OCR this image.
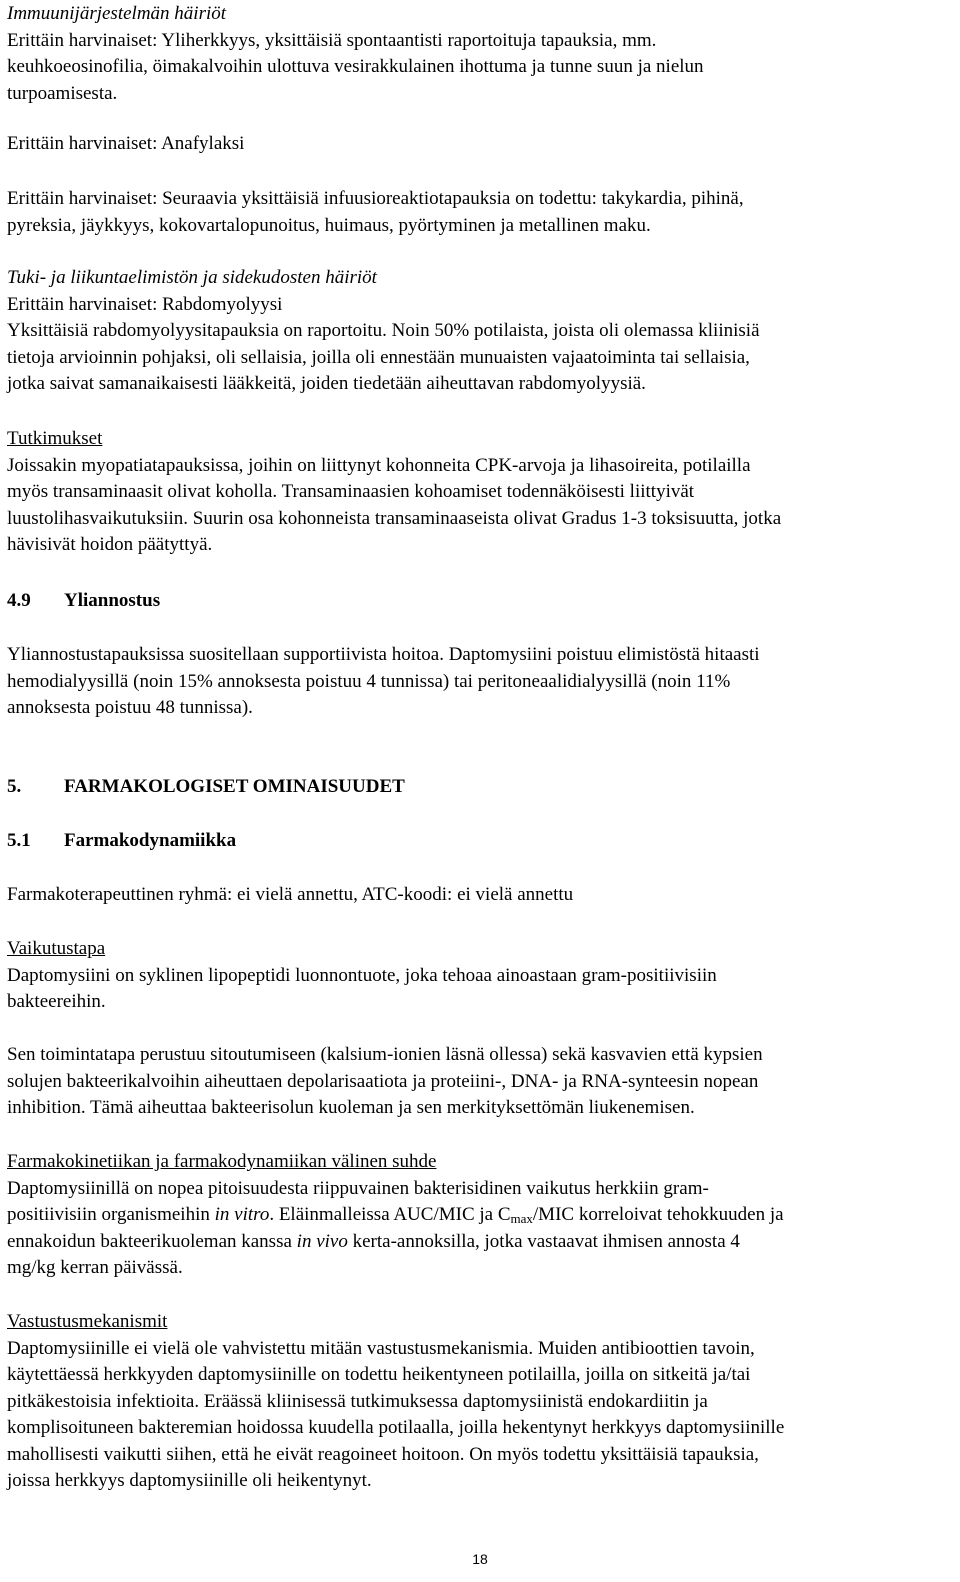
Immuunijärjestelmän häiriöt

Erittäin harvinaiset: Yliherkkyys, yksittäisiä spontaantisti raportoituja tapauksia, mm.

keuhkoeosinofilia, öimakalvoihin ulottuva vesirakkulainen ihottuma ja tunne suun ja nielun

turpoamisesta.

Erittäin harvinaiset: Anafylaksi

Erittäin harvinaiset: Seuraavia yksittäisiä infuusioreaktiotapauksia on todettu: takykardia, pihinä,

pyreksia, jäykkyys, kokovartalopunoitus, huimaus, pyörtyminen ja metallinen maku.

Tuki- ja liikuntaelimistön ja sidekudosten häiriöt

Erittäin harvinaiset: Rabdomyolyysi

Yksittäisiä rabdomyolyysitapauksia on raportoitu. Noin 50% potilaista, joista oli olemassa kliinisiä

tietoja arvioinnin pohjaksi, oli sellaisia, joilla oli ennestään munuaisten vajaatoiminta tai sellaisia,

jotka saivat samanaikaisesti lääkkeitä, joiden tiedetään aiheuttavan rabdomyolyysiä.

Tutkimukset

Joissakin myopatiatapauksissa, joihin on liittynyt kohonneita CPK-arvoja ja lihasoireita, potilailla

myös transaminaasit olivat koholla. Transaminaasien kohoamiset todennäköisesti liittyivät

luustolihasvaikutuksiin. Suurin osa kohonneista transaminaaseista olivat Gradus 1-3 toksisuutta, jotka

hävisivät hoidon päätyttyä.

4.9 Yliannostus

Yliannostustapauksissa suositellaan supportiivista hoitoa. Daptomysiini poistuu elimistöstä hitaasti

hemodialyysillä (noin 15% annoksesta poistuu 4 tunnissa) tai peritoneaalidialyysillä (noin 11%

annoksesta poistuu 48 tunnissa).

5. FARMAKOLOGISET OMINAISUUDET

5.1 Farmakodynamiikka

Farmakoterapeuttinen ryhmä: ei vielä annettu, ATC-koodi: ei vielä annettu

Vaikutustapa

Daptomysiini on syklinen lipopeptidi luonnontuote, joka tehoaa ainoastaan gram-positiivisiin

bakteereihin.

Sen toimintatapa perustuu sitoutumiseen (kalsium-ionien läsnä ollessa) sekä kasvavien että kypsien

solujen bakteerikalvoihin aiheuttaen depolarisaatiota ja proteiini-, DNA- ja RNA-synteesin nopean

inhibition. Tämä aiheuttaa bakteerisolun kuoleman ja sen merkityksettömän liukenemisen.

Farmakokinetiikan ja farmakodynamiikan välinen suhde

Daptomysiinillä on nopea pitoisuudesta riippuvainen bakterisidinen vaikutus herkkiin gram-

positiivisiin organismeihin in vitro. Eläinmalleissa AUC/MIC ja $C_{max}$/MIC korreloivat tehokkuuden ja

ennakoidun bakteerikuoleman kanssa in vivo kerta-annoksilla, jotka vastaavat ihmisen annosta 4

mg/kg kerran päivässä.

Vastustusmekanismit

Daptomysiinille ei vielä ole vahvistettu mitään vastustusmekanismia. Muiden antibioottien tavoin,

käytettäessä herkkyyden daptomysiinille on todettu heikentyneen potilailla, joilla on sitkeitä ja/tai

pitkäkestoisia infektioita. Eräässä kliinisessä tutkimuksessa daptomysiinistä endokardiitin ja

komplisoituneen bakteremian hoidossa kuudella potilaalla, joilla hekentynyt herkkyys daptomysiinille

mahollisesti vaikutti siihen, että he eivät reagoineet hoitoon. On myös todettu yksittäisiä tapauksia,

joissa herkkyys daptomysiinille oli heikentynyt.

18
